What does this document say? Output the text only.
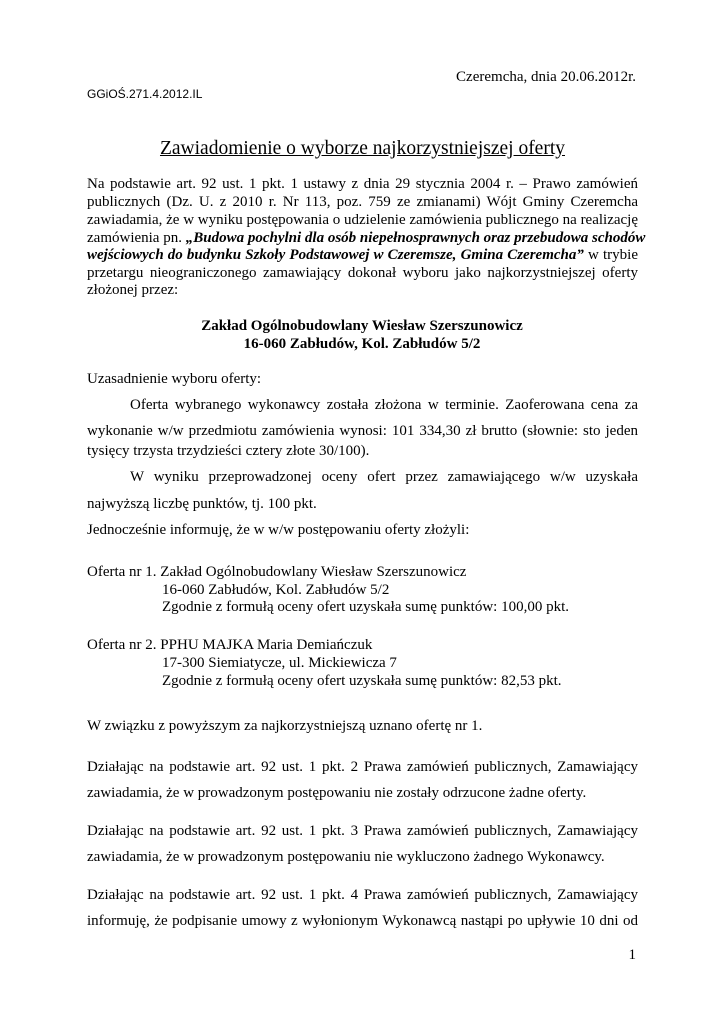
Czeremcha, dnia 20.06.2012r.
GGiOŚ.271.4.2012.IL
Zawiadomienie o wyborze najkorzystniejszej oferty
Na podstawie art. 92 ust. 1 pkt. 1 ustawy z dnia 29 stycznia 2004 r. – Prawo zamówień
publicznych (Dz. U. z 2010 r. Nr 113, poz. 759 ze zmianami) Wójt Gminy Czeremcha
zawiadamia, że w wyniku postępowania o udzielenie zamówienia publicznego na realizację
zamówienia pn. „Budowa pochylni dla osób niepełnosprawnych oraz przebudowa schodów
wejściowych do budynku Szkoły Podstawowej w Czeremsze, Gmina Czeremcha” w trybie
przetargu nieograniczonego zamawiający dokonał wyboru jako najkorzystniejszej oferty
złożonej przez:
Zakład Ogólnobudowlany Wiesław Szerszunowicz
16-060 Zabłudów, Kol. Zabłudów 5/2
Uzasadnienie wyboru oferty:
Oferta wybranego wykonawcy została złożona w terminie. Zaoferowana cena za
wykonanie w/w przedmiotu zamówienia wynosi: 101 334,30 zł brutto (słownie: sto jeden
tysięcy trzysta trzydzieści cztery złote 30/100).
W wyniku przeprowadzonej oceny ofert przez zamawiającego w/w uzyskała
najwyższą liczbę punktów, tj. 100 pkt.
Jednocześnie informuję, że w w/w postępowaniu oferty złożyli:
Oferta nr 1. Zakład Ogólnobudowlany Wiesław Szerszunowicz
16-060 Zabłudów, Kol. Zabłudów 5/2
Zgodnie z formułą oceny ofert uzyskała sumę punktów: 100,00 pkt.
Oferta nr 2. PPHU MAJKA Maria Demiańczuk
17-300 Siemiatycze, ul. Mickiewicza 7
Zgodnie z formułą oceny ofert uzyskała sumę punktów: 82,53 pkt.
W związku z powyższym za najkorzystniejszą uznano ofertę nr 1.
Działając na podstawie art. 92 ust. 1 pkt. 2 Prawa zamówień publicznych, Zamawiający
zawiadamia, że w prowadzonym postępowaniu nie zostały odrzucone żadne oferty.
Działając na podstawie art. 92 ust. 1 pkt. 3 Prawa zamówień publicznych, Zamawiający
zawiadamia, że w prowadzonym postępowaniu nie wykluczono żadnego Wykonawcy.
Działając na podstawie art. 92 ust. 1 pkt. 4 Prawa zamówień publicznych, Zamawiający
informuję, że podpisanie umowy z wyłonionym Wykonawcą nastąpi po upływie 10 dni od
1
